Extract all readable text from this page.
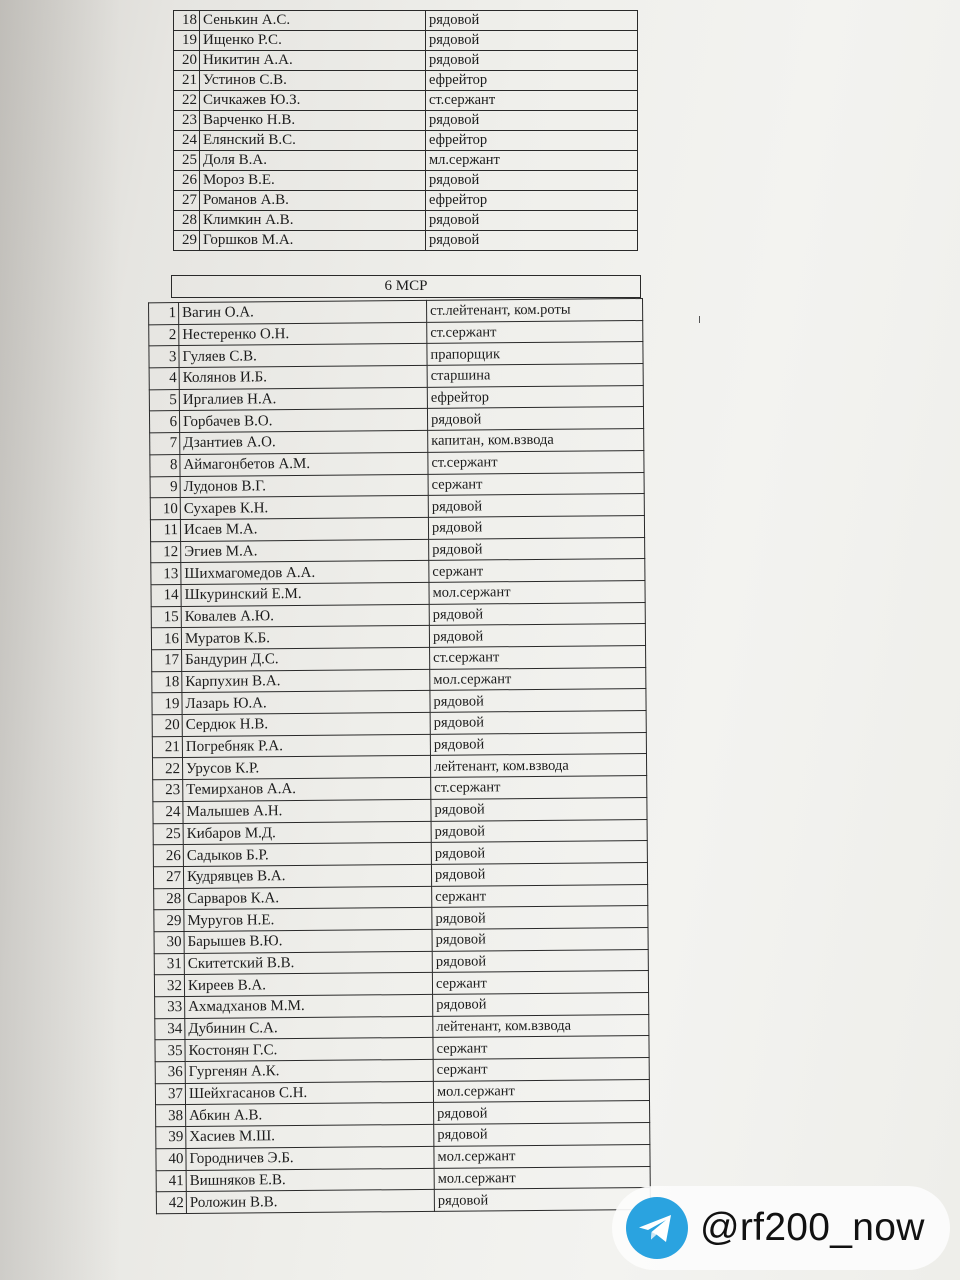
18	Сенькин А.С.	рядовой
19	Ищенко Р.С.	рядовой
20	Никитин А.А.	рядовой
21	Устинов С.В.	ефрейтор
22	Сичкажев Ю.З.	ст.сержант
23	Варченко Н.В.	рядовой
24	Елянский В.С.	ефрейтор
25	Доля В.А.	мл.сержант
26	Мороз В.Е.	рядовой
27	Романов А.В.	ефрейтор
28	Климкин А.В.	рядовой
29	Горшков М.А.	рядовой
6 МСР
1	Вагин О.А.	ст.лейтенант, ком.роты
2	Нестеренко О.Н.	ст.сержант
3	Гуляев С.В.	прапорщик
4	Колянов И.Б.	старшина
5	Иргалиев Н.А.	ефрейтор
6	Горбачев В.О.	рядовой
7	Дзантиев А.О.	капитан, ком.взвода
8	Аймагонбетов А.М.	ст.сержант
9	Лудонов В.Г.	сержант
10	Сухарев К.Н.	рядовой
11	Исаев М.А.	рядовой
12	Эгиев М.А.	рядовой
13	Шихмагомедов А.А.	сержант
14	Шкуринский Е.М.	мол.сержант
15	Ковалев А.Ю.	рядовой
16	Муратов К.Б.	рядовой
17	Бандурин Д.С.	ст.сержант
18	Карпухин В.А.	мол.сержант
19	Лазарь Ю.А.	рядовой
20	Сердюк Н.В.	рядовой
21	Погребняк Р.А.	рядовой
22	Урусов К.Р.	лейтенант, ком.взвода
23	Темирханов А.А.	ст.сержант
24	Малышев А.Н.	рядовой
25	Кибаров М.Д.	рядовой
26	Садыков Б.Р.	рядовой
27	Кудрявцев В.А.	рядовой
28	Сарваров К.А.	сержант
29	Муругов Н.Е.	рядовой
30	Барышев В.Ю.	рядовой
31	Скитетский В.В.	рядовой
32	Киреев В.А.	сержант
33	Ахмадханов М.М.	рядовой
34	Дубинин С.А.	лейтенант, ком.взвода
35	Костонян Г.С.	сержант
36	Гургенян А.К.	сержант
37	Шейхгасанов С.Н.	мол.сержант
38	Абкин А.В.	рядовой
39	Хасиев М.Ш.	рядовой
40	Городничев Э.Б.	мол.сержант
41	Вишняков Е.В.	мол.сержант
42	Роложин В.В.	рядовой
@rf200_now
